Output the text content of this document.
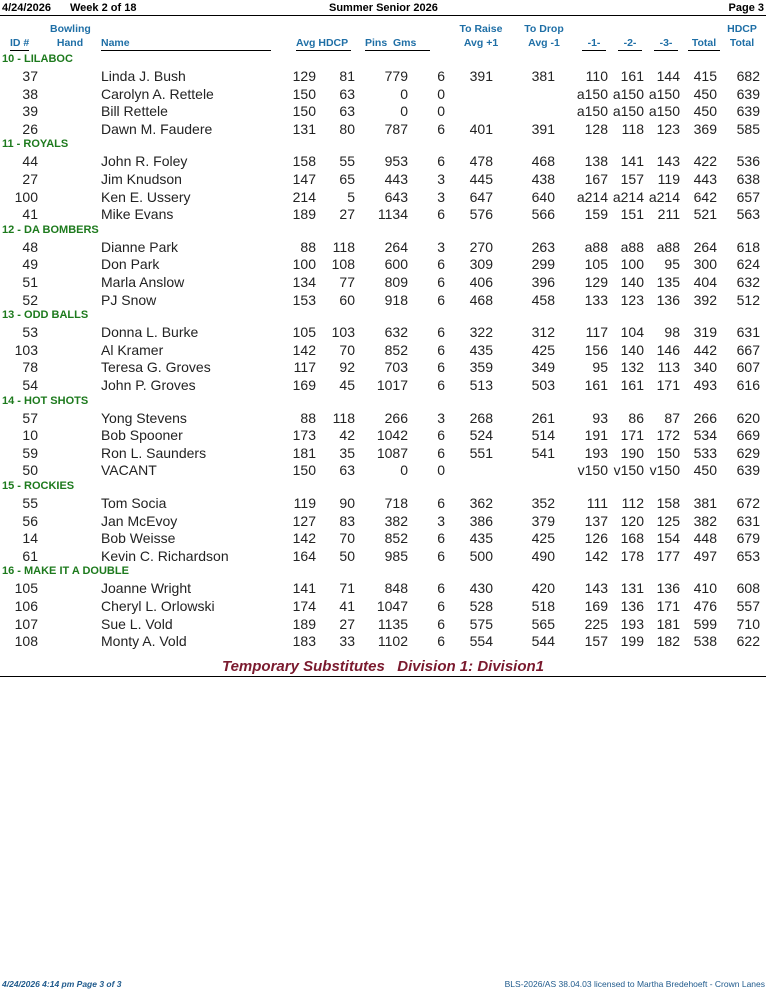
4/24/2026 Week 2 of 18	Summer Senior 2026	Page 3
Bowling
Hand
ID #	Name	Avg HDCP Pins  Gms
To Raise
Avg +1
To Drop
Avg -1	-1-	-2-	-3-	Total
HDCP
Total
10 - LILABOC
37	Linda J. Bush	129 81 779 6 391	381 110 161 144 415 682
38	Carolyn A. Rettele	150 63	0 0	a150 a150 a150 450 639
39	Bill Rettele	150 63	0 0	a150 a150 a150 450 639
26	Dawn M. Faudere	131 80 787 6 401	391 128 118 123 369 585
11 - ROYALS
44	John R. Foley	158 55 953 6 478	468 138 141 143 422 536
27	Jim Knudson	147 65 443 3 445	438 167 157 119 443 638
100	Ken E. Ussery	214 5 643 3 647	640 a214 a214 a214 642 657
41	Mike Evans	189 27 1134 6 576	566 159 151 211 521 563
12 - DA BOMBERS
48	Dianne Park	88 118 264 3 270	263 a88 a88 a88 264 618
49	Don Park	100 108 600 6 309	299 105 100 95 300 624
51	Marla Anslow	134 77 809 6 406	396 129 140 135 404 632
52	PJ Snow	153 60 918 6 468	458 133 123 136 392 512
13 - ODD BALLS
53	Donna L. Burke	105 103 632 6 322	312 117 104 98 319 631
103	Al Kramer	142 70 852 6 435	425 156 140 146 442 667
78	Teresa G. Groves	117 92 703 6 359	349	95 132 113 340 607
54	John P. Groves	169 45 1017 6 513	503 161 161 171 493 616
14 - HOT SHOTS
57	Yong Stevens	88 118 266 3 268	261	93 86 87 266 620
10	Bob Spooner	173 42 1042 6 524	514 191 171 172 534 669
59	Ron L. Saunders	181 35 1087 6 551	541 193 190 150 533 629
50	VACANT	150 63	0 0	v150 v150 v150 450 639
15 - ROCKIES
55	Tom Socia	119 90 718 6 362	352 111 112 158 381 672
56	Jan McEvoy	127 83 382 3 386	379 137 120 125 382 631
14	Bob Weisse	142 70 852 6 435	425 126 168 154 448 679
61	Kevin C. Richardson	164 50 985 6 500	490 142 178 177 497 653
16 - MAKE IT A DOUBLE
105	Joanne Wright	141 71 848 6 430	420 143 131 136 410 608
106	Cheryl L. Orlowski	174 41 1047 6 528	518 169 136 171 476 557
107	Sue L. Vold	189 27 1135 6 575	565 225 193 181 599 710
108	Monty A. Vold	183 33 1102 6 554	544 157 199 182 538 622
Temporary Substitutes   Division 1: Division1
4/24/2026 4:14 pm Page 3 of 3	BLS-2026/AS 38.04.03 licensed to Martha Bredehoeft - Crown Lanes
